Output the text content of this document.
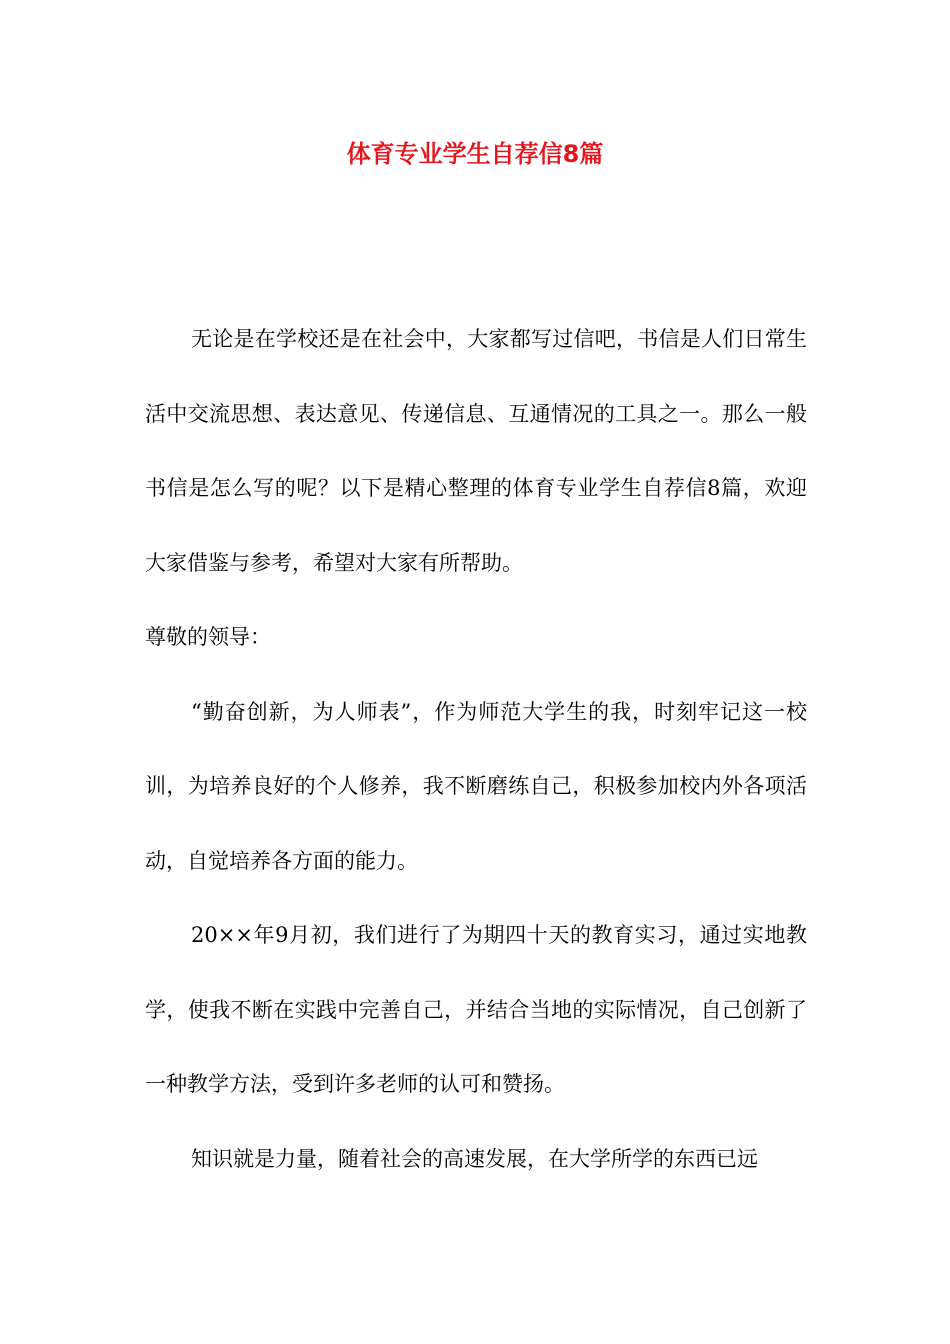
体育专业学生自荐信8篇

无论是在学校还是在社会中，大家都写过信吧，书信是人们日常生活中交流思想、表达意见、传递信息、互通情况的工具之一。那么一般书信是怎么写的呢？以下是精心整理的体育专业学生自荐信8篇，欢迎大家借鉴与参考，希望对大家有所帮助。

尊敬的领导：

“勤奋创新，为人师表”，作为师范大学生的我，时刻牢记这一校训，为培养良好的个人修养，我不断磨练自己，积极参加校内外各项活动，自觉培养各方面的能力。

20××年9月初，我们进行了为期四十天的教育实习，通过实地教学，使我不断在实践中完善自己，并结合当地的实际情况，自己创新了一种教学方法，受到许多老师的认可和赞扬。

知识就是力量，随着社会的高速发展，在大学所学的东西已远
